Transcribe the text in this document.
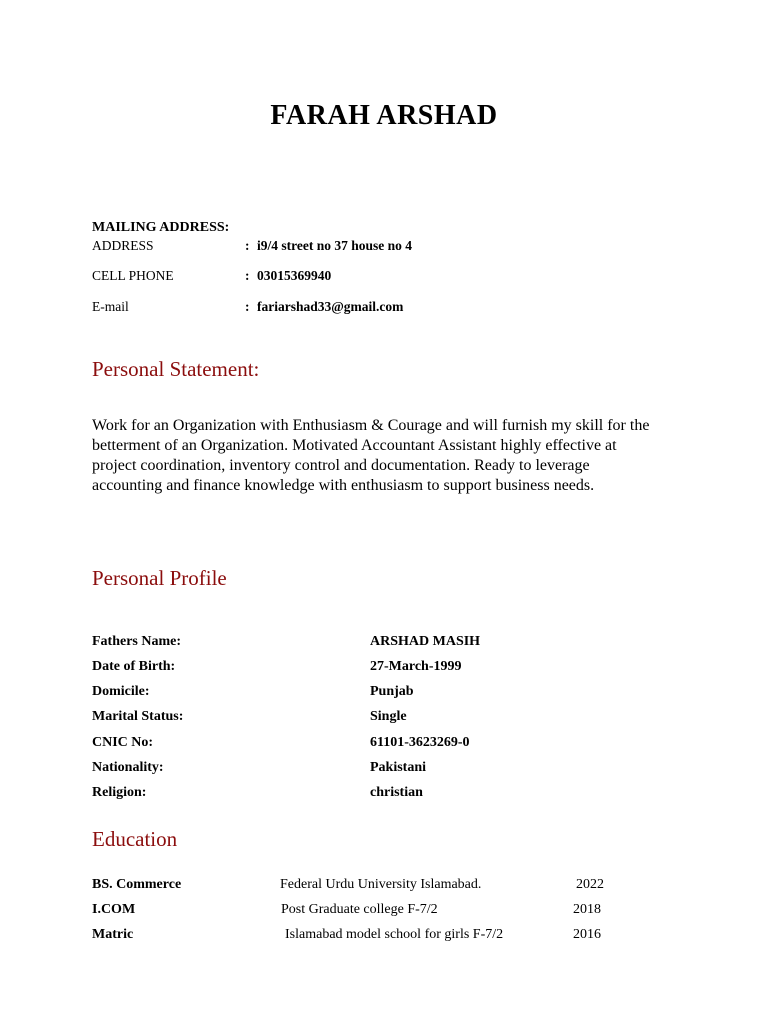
FARAH ARSHAD
MAILING ADDRESS:
ADDRESS	: i9/4 street no 37 house no 4
CELL PHONE	: 03015369940
E-mail	: fariarshad33@gmail.com
Personal Statement:
Work for an Organization with Enthusiasm & Courage and will furnish my skill for the betterment of an Organization. Motivated Accountant Assistant highly effective at project coordination, inventory control and documentation. Ready to leverage accounting and finance knowledge with enthusiasm to support business needs.
Personal Profile
Fathers Name:	ARSHAD MASIH
Date of Birth:	27-March-1999
Domicile:	Punjab
Marital Status:	Single
CNIC No:	61101-3623269-0
Nationality:	Pakistani
Religion:	christian
Education
BS. Commerce	Federal Urdu University Islamabad.	2022
I.COM	Post Graduate college F-7/2	2018
Matric	Islamabad model school for girls F-7/2	2016
